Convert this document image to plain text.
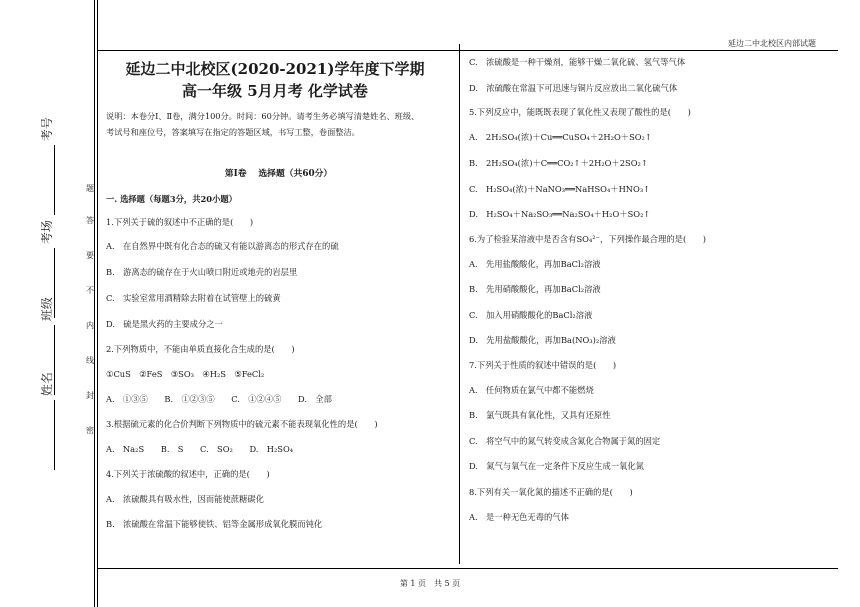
考号
考场
班级
姓名
题
答
要
不
内
线
封
密
延边二中北校区内部试题
延边二中北校区(2020-2021)学年度下学期
高一年级 5月月考 化学试卷
说明：本卷分Ⅰ、Ⅱ卷，满分100分。时间：60分钟。请考生务必填写清楚姓名、班级、
考试号和座位号，答案填写在指定的答题区域，书写工整，卷面整洁。
第Ⅰ卷　 选择题（共60分）
一. 选择题（每题3分，共20小题）
1.下列关于硫的叙述中不正确的是(　　)
A.　在自然界中既有化合态的硫又有能以游离态的形式存在的硫
B.　游离态的硫存在于火山喷口附近或地壳的岩层里
C.　实验室常用酒精除去附着在试管壁上的硫黄
D.　硫是黑火药的主要成分之一
2.下列物质中，不能由单质直接化合生成的是(　　)
①CuS　②FeS　③SO₃　④H₂S　⑤FeCl₂
A.　①③⑤　　B.　①②③⑤　　C.　①②④⑤　　D.　全部
3.根据硫元素的化合价判断下列物质中的硫元素不能表现氧化性的是(　　)
A.　Na₂S　　B.　S　　C.　SO₂　　D.　H₂SO₄
4.下列关于浓硫酸的叙述中，正确的是(　　)
A.　浓硫酸具有吸水性，因而能使蔗糖碳化
B.　浓硫酸在常温下能够使铁、铝等金属形成氧化膜而钝化
C.　浓硫酸是一种干燥剂，能够干燥二氧化硫、氢气等气体
D.　浓硫酸在常温下可迅速与铜片反应放出二氧化硫气体
5.下列反应中，能既既表现了氧化性又表现了酸性的是(　　)
A.　2H₂SO₄(浓)＋Cu══CuSO₄＋2H₂O＋SO₂↑
B.　2H₂SO₄(浓)＋C══CO₂↑＋2H₂O＋2SO₂↑
C.　H₂SO₄(浓)＋NaNO₃══NaHSO₄＋HNO₃↑
D.　H₂SO₄＋Na₂SO₃══Na₂SO₄＋H₂O＋SO₂↑
6.为了检验某溶液中是否含有SO₄²⁻，下列操作最合理的是(　　)
A.　先用盐酸酸化，再加BaCl₂溶液
B.　先用硝酸酸化，再加BaCl₂溶液
C.　加入用硝酸酸化的BaCl₂溶液
D.　先用盐酸酸化，再加Ba(NO₃)₂溶液
7.下列关于性质的叙述中错误的是(　　)
A.　任何物质在氯气中都不能燃烧
B.　氯气既具有氧化性，又具有还原性
C.　将空气中的氮气转变成含氮化合物属于氮的固定
D.　氮气与氧气在一定条件下反应生成一氧化氮
8.下列有关一氧化氮的描述不正确的是(　　)
A.　是一种无色无毒的气体
第 1 页　共 5 页
